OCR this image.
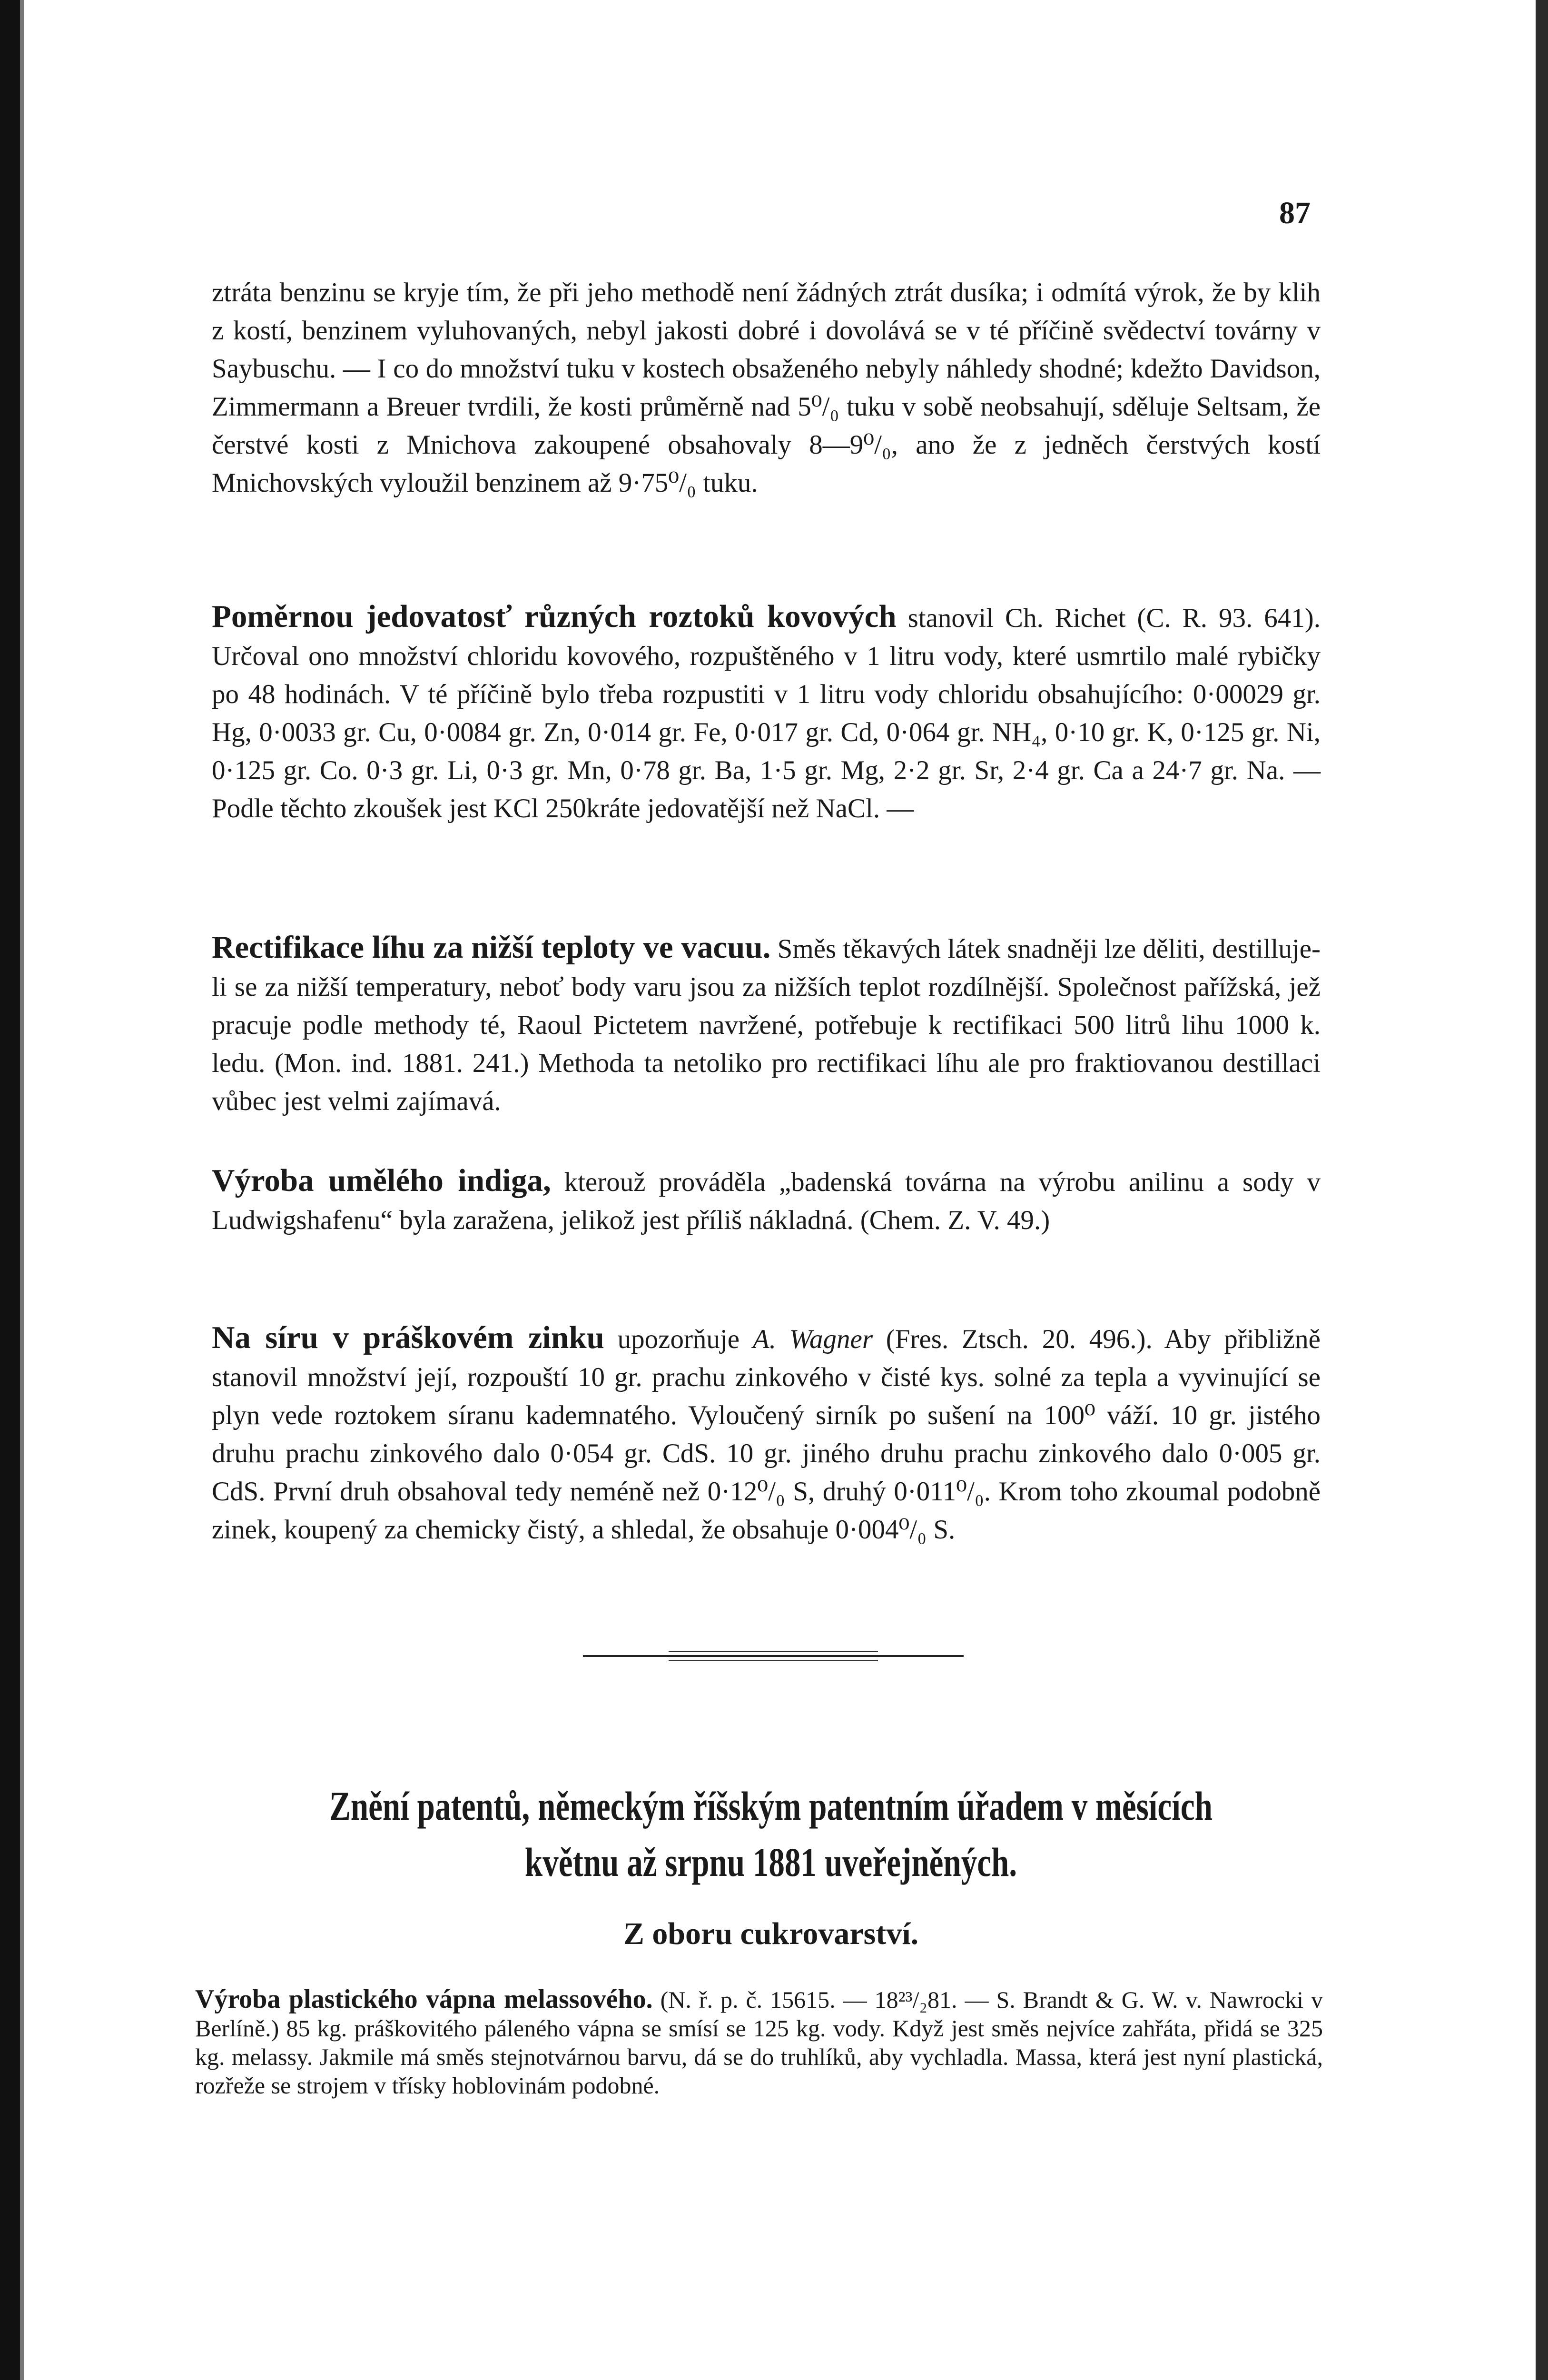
87

ztráta benzinu se kryje tím, že při jeho methodě není žádných ztrát dusíka; i odmítá výrok, že by klih z kostí, benzinem vyluhovaných, nebyl jakosti dobré i dovolává se v té příčině svědectví továrny v Saybuschu. — I co do množství tuku v kostech obsaženého nebyly náhledy shodné; kdežto Davidson, Zimmermann a Breuer tvrdili, že kosti průměrně nad 5⁰/₀ tuku v sobě neobsahují, sděluje Seltsam, že čerstvé kosti z Mnichova zakoupené obsahovaly 8—9⁰/₀, ano že z jedněch čerstvých kostí Mnichovských vyloužil benzinem až 9·75⁰/₀ tuku.

Poměrnou jedovatosť různých roztoků kovových stanovil Ch. Richet (C. R. 93. 641). Určoval ono množství chloridu kovového, rozpuštěného v 1 litru vody, které usmrtilo malé rybičky po 48 hodinách. V té příčině bylo třeba rozpustiti v 1 litru vody chloridu obsahujícího: 0·00029 gr. Hg, 0·0033 gr. Cu, 0·0084 gr. Zn, 0·014 gr. Fe, 0·017 gr. Cd, 0·064 gr. NH₄, 0·10 gr. K, 0·125 gr. Ni, 0·125 gr. Co. 0·3 gr. Li, 0·3 gr. Mn, 0·78 gr. Ba, 1·5 gr. Mg, 2·2 gr. Sr, 2·4 gr. Ca a 24·7 gr. Na. — Podle těchto zkoušek jest KCl 250kráte jedovatější než NaCl. —

Rectifikace líhu za nižší teploty ve vacuu. Směs těkavých látek snadněji lze děliti, destilluje-li se za nižší temperatury, neboť body varu jsou za nižších teplot rozdílnější. Společnost pařížská, jež pracuje podle methody té, Raoul Pictetem navržené, potřebuje k rectifikaci 500 litrů lihu 1000 k. ledu. (Mon. ind. 1881. 241.) Methoda ta netoliko pro rectifikaci líhu ale pro fraktiovanou destillaci vůbec jest velmi zajímavá.

Výroba umělého indiga, kterouž prováděla „badenská továrna na výrobu anilinu a sody v Ludwigshafenu“ byla zaražena, jelikož jest příliš nákladná. (Chem. Z. V. 49.)

Na síru v práškovém zinku upozorňuje A. Wagner (Fres. Ztsch. 20. 496.). Aby přibližně stanovil množství její, rozpouští 10 gr. prachu zinkového v čisté kys. solné za tepla a vyvinující se plyn vede roztokem síranu kademnatého. Vyloučený sirník po sušení na 100⁰ váží. 10 gr. jistého druhu prachu zinkového dalo 0·054 gr. CdS. 10 gr. jiného druhu prachu zinkového dalo 0·005 gr. CdS. První druh obsahoval tedy neméně než 0·12⁰/₀ S, druhý 0·011⁰/₀. Krom toho zkoumal podobně zinek, koupený za chemicky čistý, a shledal, že obsahuje 0·004⁰/₀ S.

Znění patentů, německým říšským patentním úřadem v měsících květnu až srpnu 1881 uveřejněných.
Z oboru cukrovarství.

Výroba plastického vápna melassového. (N. ř. p. č. 15615. — 18²³/₂81. — S. Brandt & G. W. v. Nawrocki v Berlíně.) 85 kg. práškovitého páleného vápna se smísí se 125 kg. vody. Když jest směs nejvíce zahřáta, přidá se 325 kg. melassy. Jakmile má směs stejnotvárnou barvu, dá se do truhlíků, aby vychladla. Massa, která jest nyní plastická, rozřeže se strojem v třísky hoblovinám podobné.
